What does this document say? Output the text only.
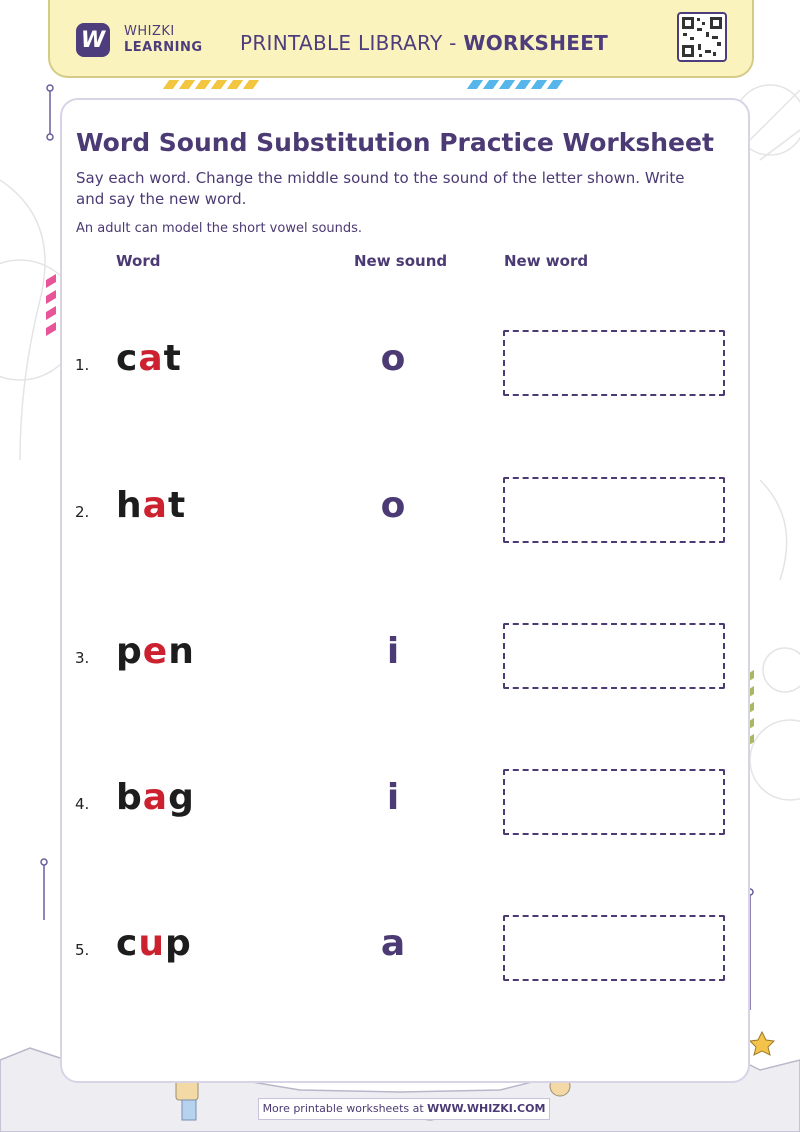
W WHIZKI
LEARNING PRINTABLE LIBRARY - WORKSHEET
Word Sound Substitution Practice Worksheet
Say each word. Change the middle sound to the sound of the letter shown. Write and say the new word.
An adult can model the short vowel sounds.
Word	New sound	New word
1. cat	o
2. hat	o
3. pen	i
4. bag	i
5. cup	a
More printable worksheets at WWW.WHIZKI.COM
